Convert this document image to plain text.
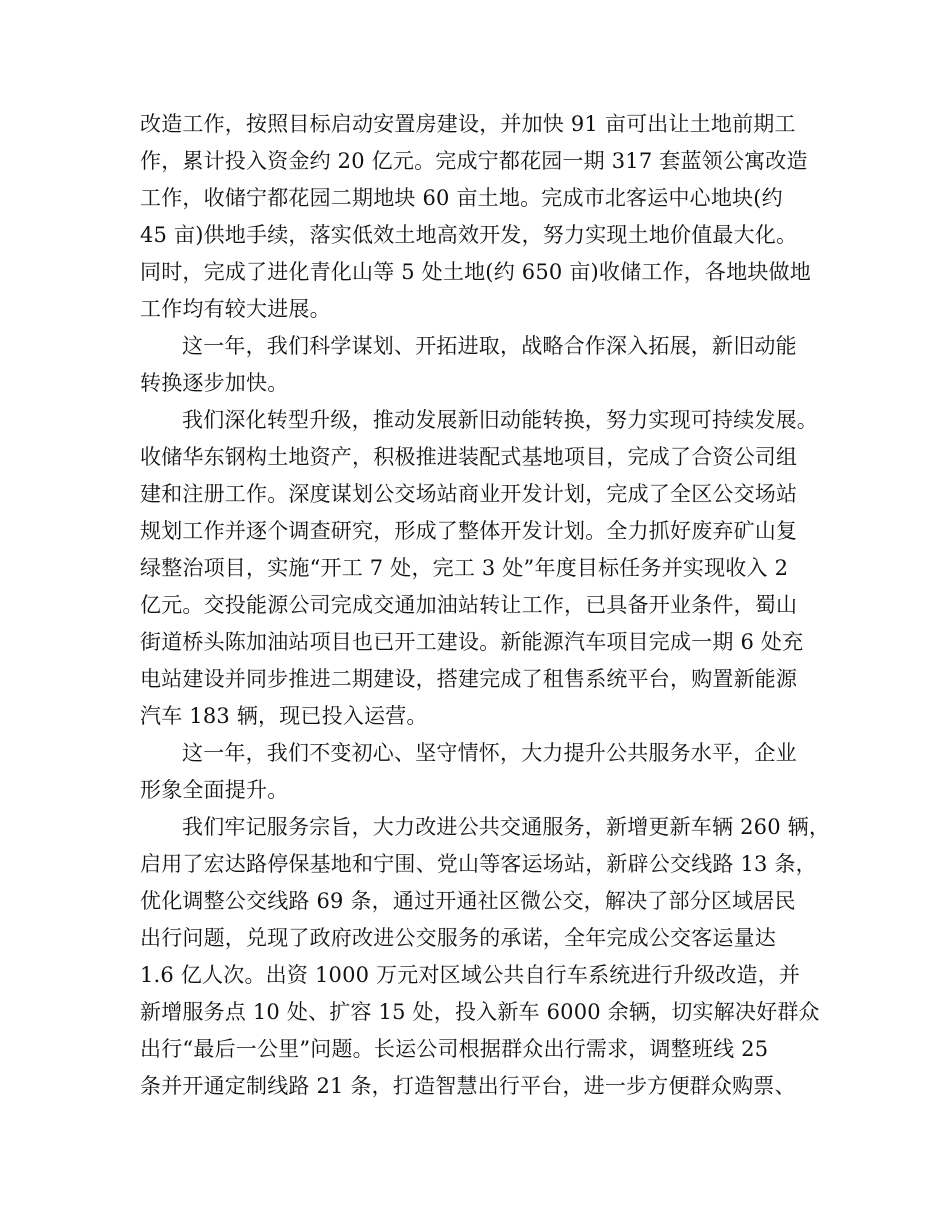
改造工作，按照目标启动安置房建设，并加快 91 亩可出让土地前期工
作，累计投入资金约 20 亿元。完成宁都花园一期 317 套蓝领公寓改造
工作，收储宁都花园二期地块 60 亩土地。完成市北客运中心地块(约
45 亩)供地手续，落实低效土地高效开发，努力实现土地价值最大化。
同时，完成了进化青化山等 5 处土地(约 650 亩)收储工作，各地块做地
工作均有较大进展。
这一年，我们科学谋划、开拓进取，战略合作深入拓展，新旧动能
转换逐步加快。
我们深化转型升级，推动发展新旧动能转换，努力实现可持续发展。
收储华东钢构土地资产，积极推进装配式基地项目，完成了合资公司组
建和注册工作。深度谋划公交场站商业开发计划，完成了全区公交场站
规划工作并逐个调查研究，形成了整体开发计划。全力抓好废弃矿山复
绿整治项目，实施“开工 7 处，完工 3 处”年度目标任务并实现收入 2
亿元。交投能源公司完成交通加油站转让工作，已具备开业条件，蜀山
街道桥头陈加油站项目也已开工建设。新能源汽车项目完成一期 6 处充
电站建设并同步推进二期建设，搭建完成了租售系统平台，购置新能源
汽车 183 辆，现已投入运营。
这一年，我们不变初心、坚守情怀，大力提升公共服务水平，企业
形象全面提升。
我们牢记服务宗旨，大力改进公共交通服务，新增更新车辆 260 辆，
启用了宏达路停保基地和宁围、党山等客运场站，新辟公交线路 13 条，
优化调整公交线路 69 条，通过开通社区微公交，解决了部分区域居民
出行问题，兑现了政府改进公交服务的承诺，全年完成公交客运量达
1.6 亿人次。出资 1000 万元对区域公共自行车系统进行升级改造，并
新增服务点 10 处、扩容 15 处，投入新车 6000 余辆，切实解决好群众
出行“最后一公里”问题。长运公司根据群众出行需求，调整班线 25
条并开通定制线路 21 条，打造智慧出行平台，进一步方便群众购票、
